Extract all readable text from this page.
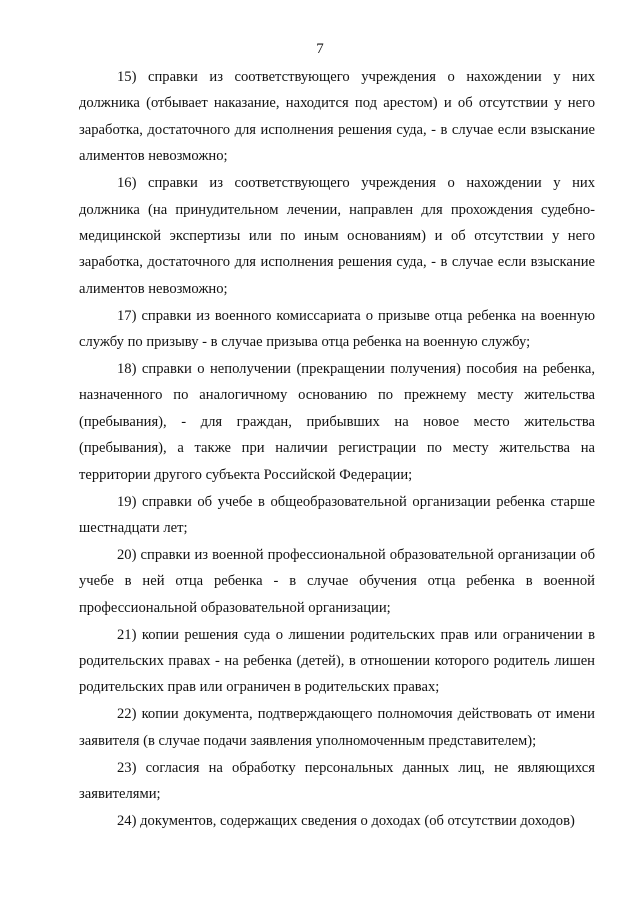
7

15) справки из соответствующего учреждения о нахождении у них должника (отбывает наказание, находится под арестом) и об отсутствии у него заработка, достаточного для исполнения решения суда, - в случае если взыскание алиментов невозможно;

16) справки из соответствующего учреждения о нахождении у них должника (на принудительном лечении, направлен для прохождения судебно-медицинской экспертизы или по иным основаниям) и об отсутствии у него заработка, достаточного для исполнения решения суда, - в случае если взыскание алиментов невозможно;

17) справки из военного комиссариата о призыве отца ребенка на военную службу по призыву - в случае призыва отца ребенка на военную службу;

18) справки о неполучении (прекращении получения) пособия на ребенка, назначенного по аналогичному основанию по прежнему месту жительства (пребывания), - для граждан, прибывших на новое место жительства (пребывания), а также при наличии регистрации по месту жительства на территории другого субъекта Российской Федерации;

19) справки об учебе в общеобразовательной организации ребенка старше шестнадцати лет;

20) справки из военной профессиональной образовательной организации об учебе в ней отца ребенка - в случае обучения отца ребенка в военной профессиональной образовательной организации;

21) копии решения суда о лишении родительских прав или ограничении в родительских правах - на ребенка (детей), в отношении которого родитель лишен родительских прав или ограничен в родительских правах;

22) копии документа, подтверждающего полномочия действовать от имени заявителя (в случае подачи заявления уполномоченным представителем);

23) согласия на обработку персональных данных лиц, не являющихся заявителями;

24) документов, содержащих сведения о доходах (об отсутствии доходов)
